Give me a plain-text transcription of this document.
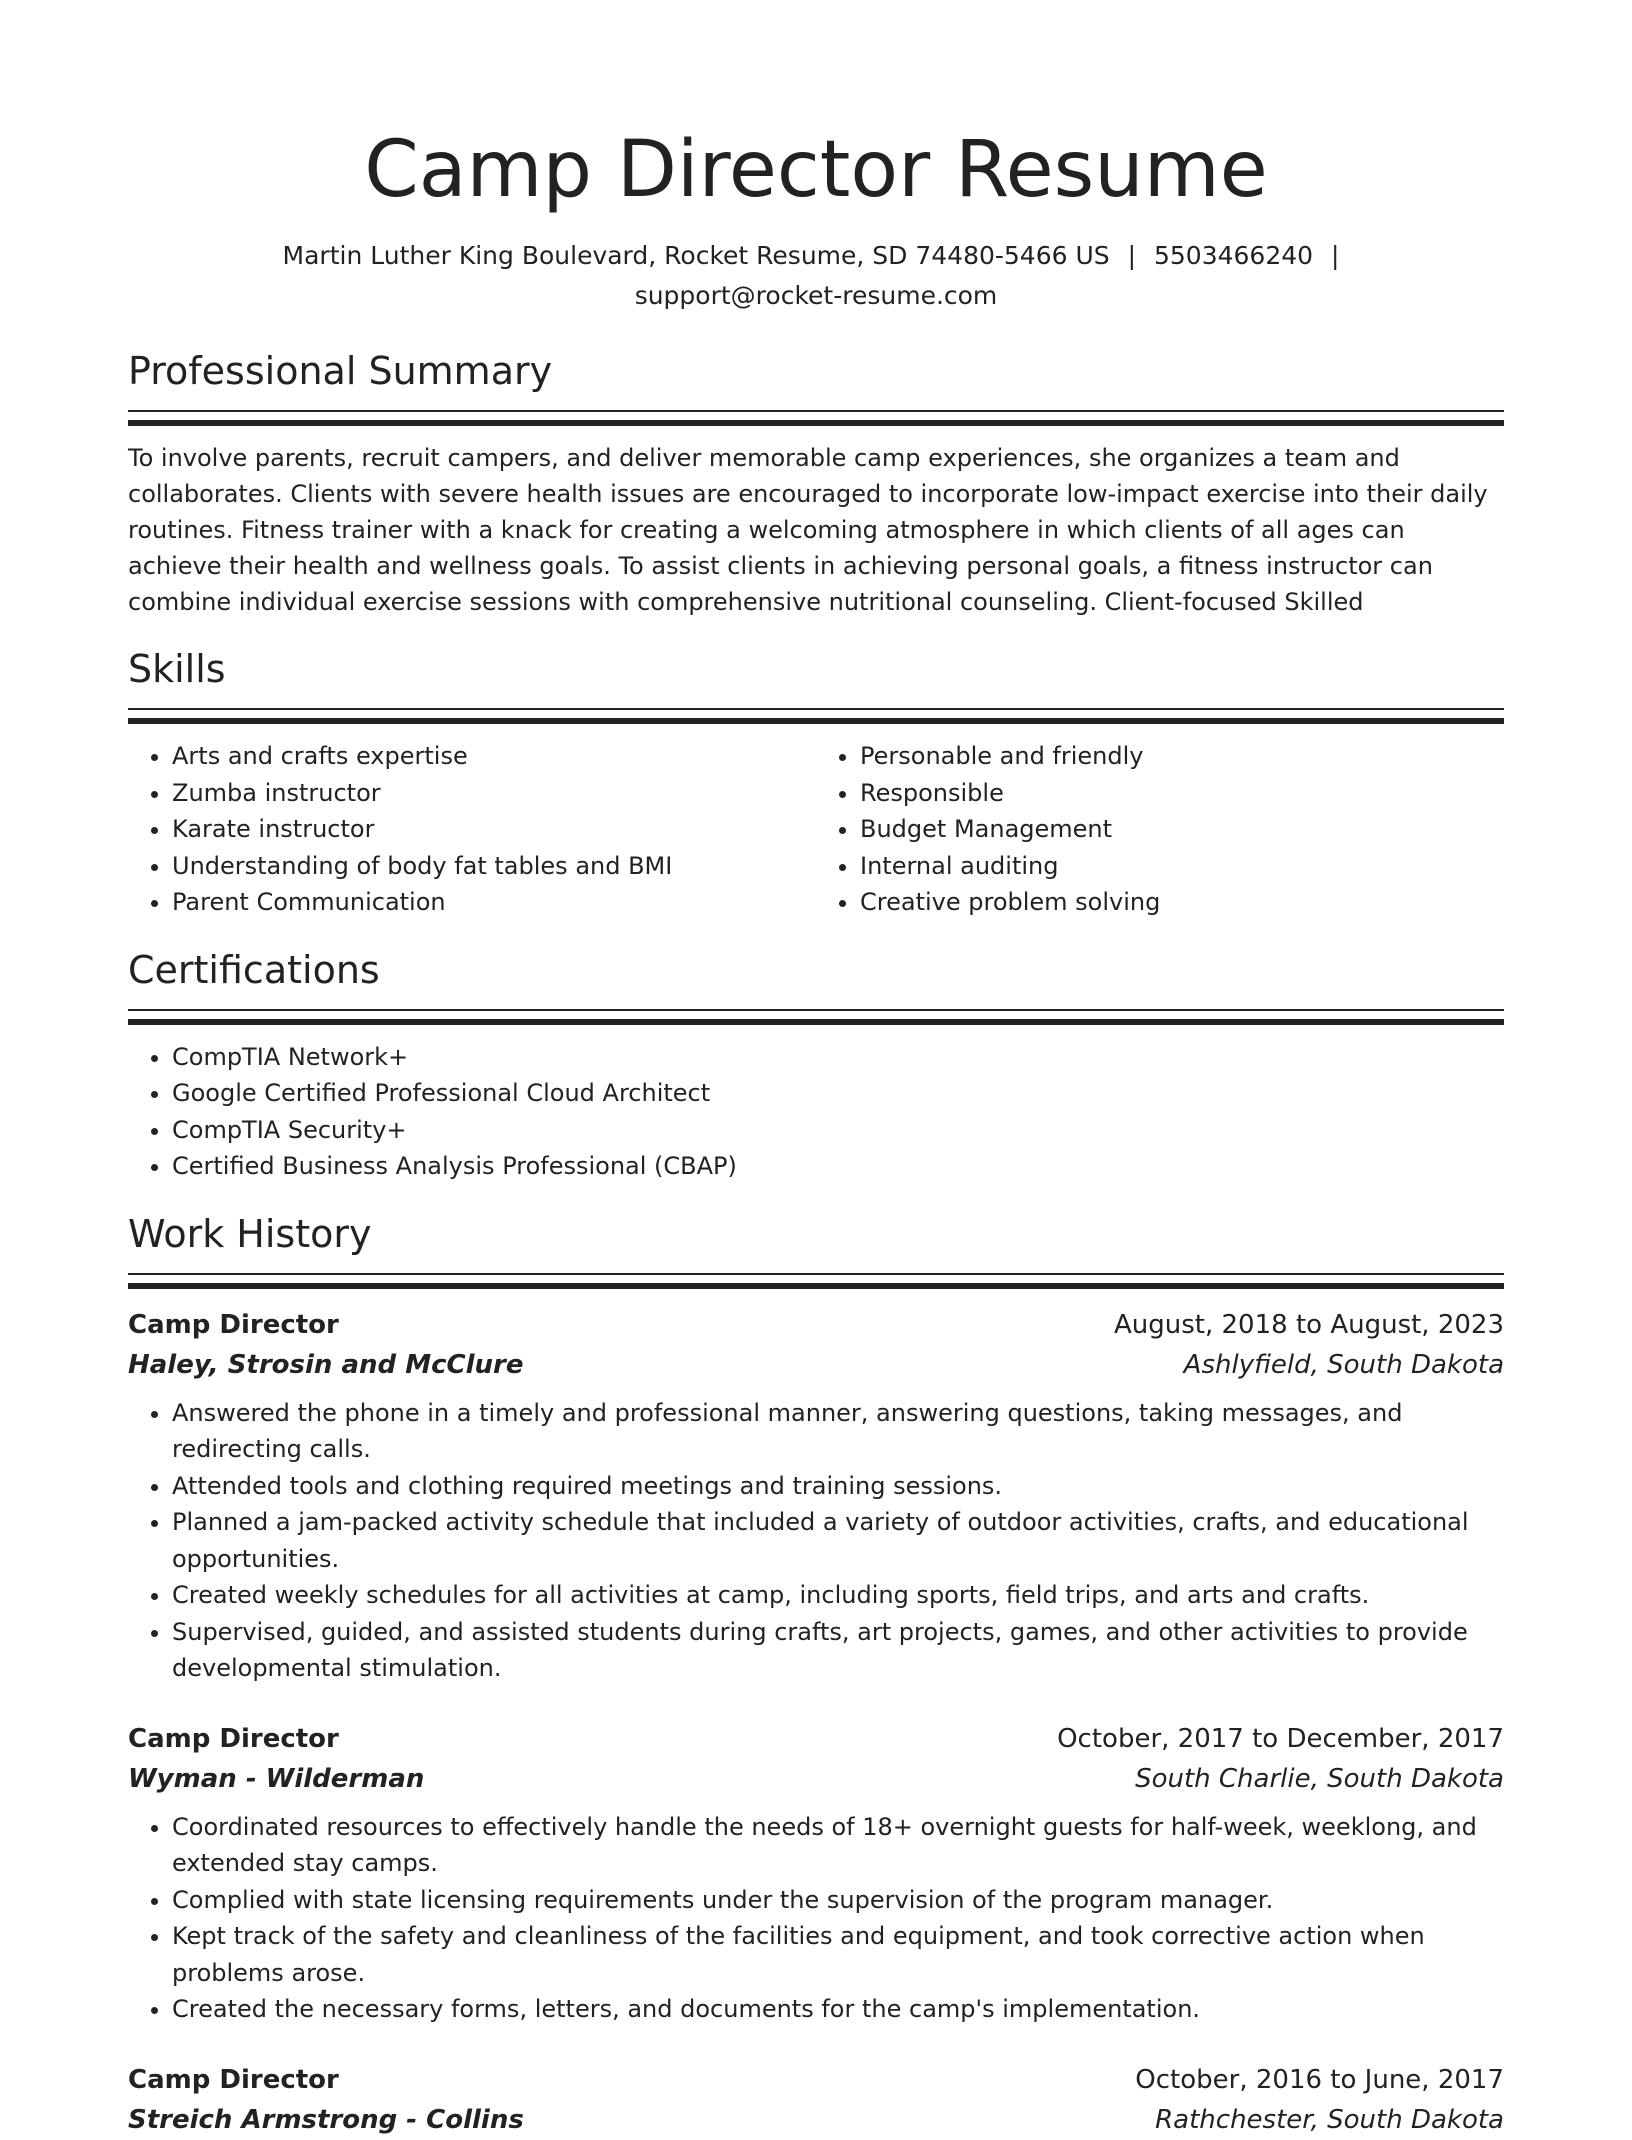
Camp Director Resume
Martin Luther King Boulevard, Rocket Resume, SD 74480-5466 US | 5503466240 |
support@rocket-resume.com
Professional Summary
To involve parents, recruit campers, and deliver memorable camp experiences, she organizes a team and collaborates. Clients with severe health issues are encouraged to incorporate low-impact exercise into their daily routines. Fitness trainer with a knack for creating a welcoming atmosphere in which clients of all ages can achieve their health and wellness goals. To assist clients in achieving personal goals, a fitness instructor can combine individual exercise sessions with comprehensive nutritional counseling. Client-focused Skilled
Skills
• Arts and crafts expertise
• Zumba instructor
• Karate instructor
• Understanding of body fat tables and BMI
• Parent Communication
• Personable and friendly
• Responsible
• Budget Management
• Internal auditing
• Creative problem solving
Certifications
• CompTIA Network+
• Google Certified Professional Cloud Architect
• CompTIA Security+
• Certified Business Analysis Professional (CBAP)
Work History
Camp Director	August, 2018 to August, 2023
Haley, Strosin and McClure	Ashlyfield, South Dakota
• Answered the phone in a timely and professional manner, answering questions, taking messages, and redirecting calls.
• Attended tools and clothing required meetings and training sessions.
• Planned a jam-packed activity schedule that included a variety of outdoor activities, crafts, and educational opportunities.
• Created weekly schedules for all activities at camp, including sports, field trips, and arts and crafts.
• Supervised, guided, and assisted students during crafts, art projects, games, and other activities to provide developmental stimulation.
Camp Director	October, 2017 to December, 2017
Wyman - Wilderman	South Charlie, South Dakota
• Coordinated resources to effectively handle the needs of 18+ overnight guests for half-week, weeklong, and extended stay camps.
• Complied with state licensing requirements under the supervision of the program manager.
• Kept track of the safety and cleanliness of the facilities and equipment, and took corrective action when problems arose.
• Created the necessary forms, letters, and documents for the camp's implementation.
Camp Director	October, 2016 to June, 2017
Streich Armstrong - Collins	Rathchester, South Dakota
